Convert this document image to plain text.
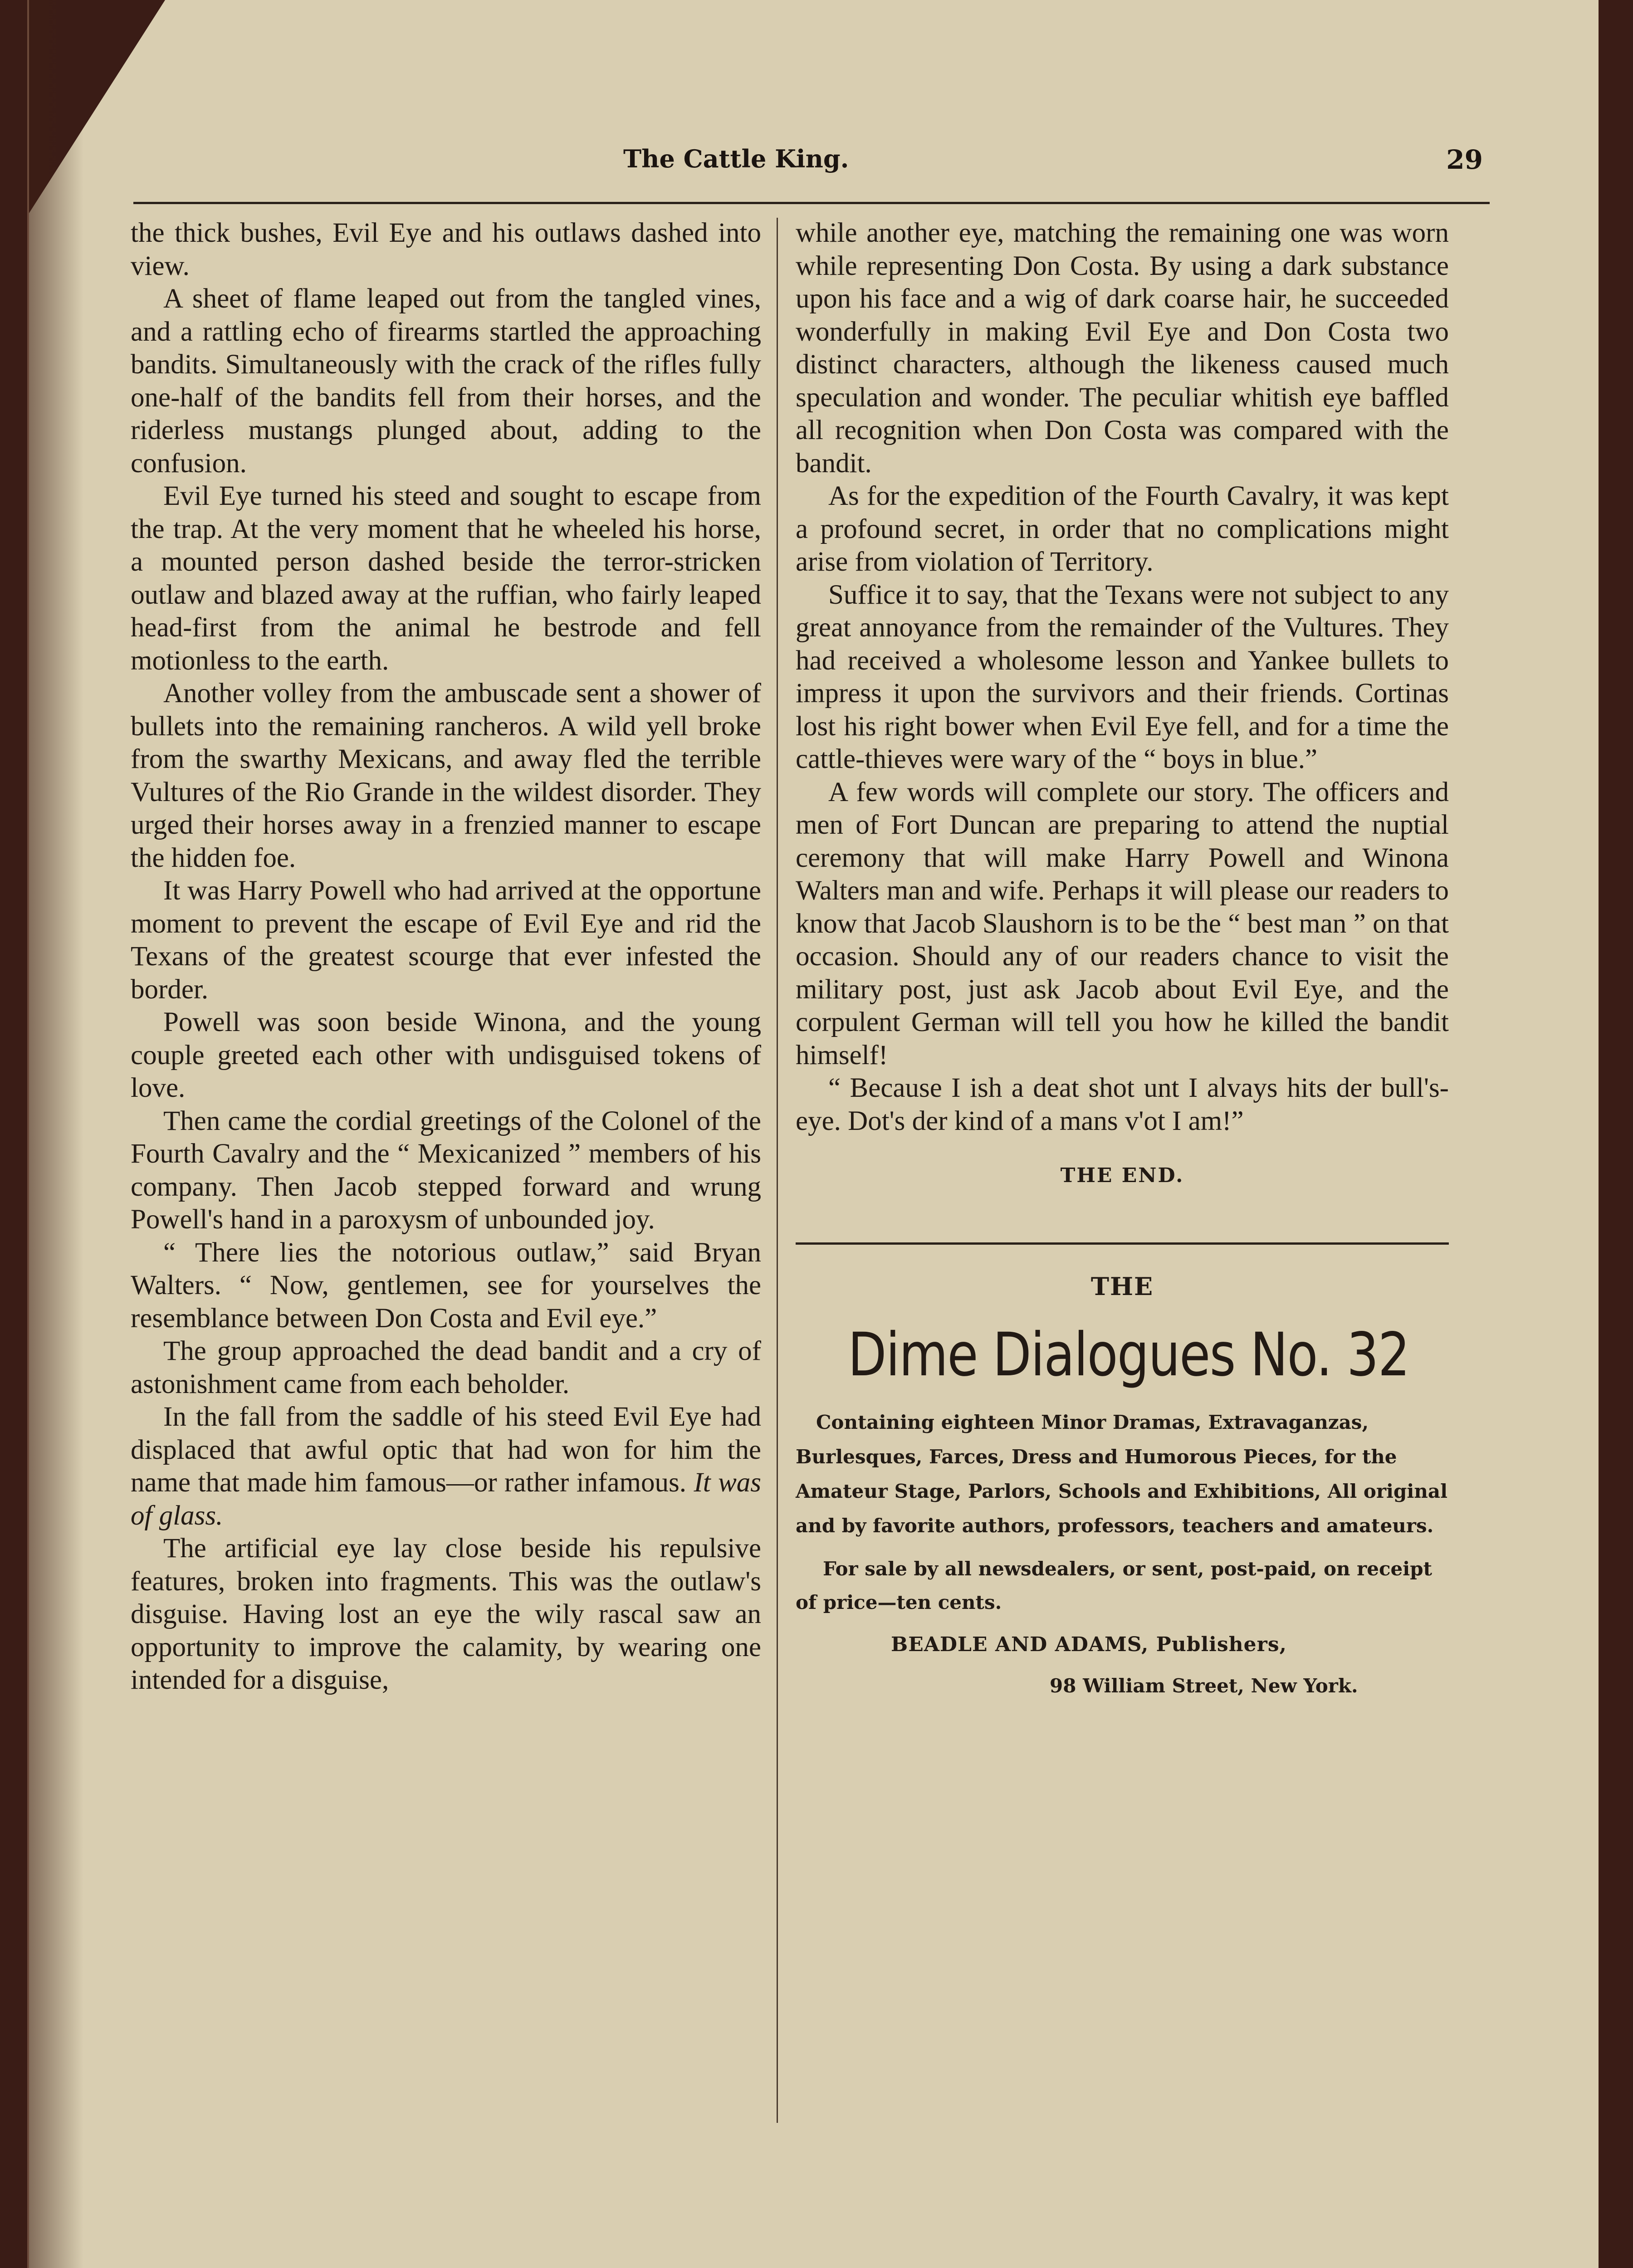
The Cattle King.	29

the thick bushes, Evil Eye and his outlaws dashed into view.

A sheet of flame leaped out from the tangled vines, and a rattling echo of firearms startled the approaching bandits. Simultaneously with the crack of the rifles fully one-half of the bandits fell from their horses, and the riderless mustangs plunged about, adding to the confusion.

Evil Eye turned his steed and sought to escape from the trap. At the very moment that he wheeled his horse, a mounted person dashed beside the terror-stricken outlaw and blazed away at the ruffian, who fairly leaped head-first from the animal he bestrode and fell motionless to the earth.

Another volley from the ambuscade sent a shower of bullets into the remaining rancheros. A wild yell broke from the swarthy Mexicans, and away fled the terrible Vultures of the Rio Grande in the wildest disorder. They urged their horses away in a frenzied manner to escape the hidden foe.

It was Harry Powell who had arrived at the opportune moment to prevent the escape of Evil Eye and rid the Texans of the greatest scourge that ever infested the border.

Powell was soon beside Winona, and the young couple greeted each other with undisguised tokens of love.

Then came the cordial greetings of the Colonel of the Fourth Cavalry and the “ Mexicanized ” members of his company. Then Jacob stepped forward and wrung Powell's hand in a paroxysm of unbounded joy.

“ There lies the notorious outlaw,” said Bryan Walters. “ Now, gentlemen, see for yourselves the resemblance between Don Costa and Evil eye.”

The group approached the dead bandit and a cry of astonishment came from each beholder.

In the fall from the saddle of his steed Evil Eye had displaced that awful optic that had won for him the name that made him famous—or rather infamous. It was of glass.

The artificial eye lay close beside his repulsive features, broken into fragments. This was the outlaw's disguise. Having lost an eye the wily rascal saw an opportunity to improve the calamity, by wearing one intended for a disguise,

while another eye, matching the remaining one was worn while representing Don Costa. By using a dark substance upon his face and a wig of dark coarse hair, he succeeded wonderfully in making Evil Eye and Don Costa two distinct characters, although the likeness caused much speculation and wonder. The peculiar whitish eye baffled all recognition when Don Costa was compared with the bandit.

As for the expedition of the Fourth Cavalry, it was kept a profound secret, in order that no complications might arise from violation of Territory.

Suffice it to say, that the Texans were not subject to any great annoyance from the remainder of the Vultures. They had received a wholesome lesson and Yankee bullets to impress it upon the survivors and their friends. Cortinas lost his right bower when Evil Eye fell, and for a time the cattle-thieves were wary of the “ boys in blue.”

A few words will complete our story. The officers and men of Fort Duncan are preparing to attend the nuptial ceremony that will make Harry Powell and Winona Walters man and wife. Perhaps it will please our readers to know that Jacob Slaushorn is to be the “ best man ” on that occasion. Should any of our readers chance to visit the military post, just ask Jacob about Evil Eye, and the corpulent German will tell you how he killed the bandit himself!

“ Because I ish a deat shot unt I alvays hits der bull's-eye. Dot's der kind of a mans v'ot I am!”

THE END.
THE
Dime Dialogues No. 32
Containing eighteen Minor Dramas, Extravaganzas, Burlesques, Farces, Dress and Humorous Pieces, for the Amateur Stage, Parlors, Schools and Exhibitions, All original and by favorite authors, professors, teachers and amateurs.
For sale by all newsdealers, or sent, post-paid, on receipt of price—ten cents.
BEADLE AND ADAMS, Publishers,
98 William Street, New York.
